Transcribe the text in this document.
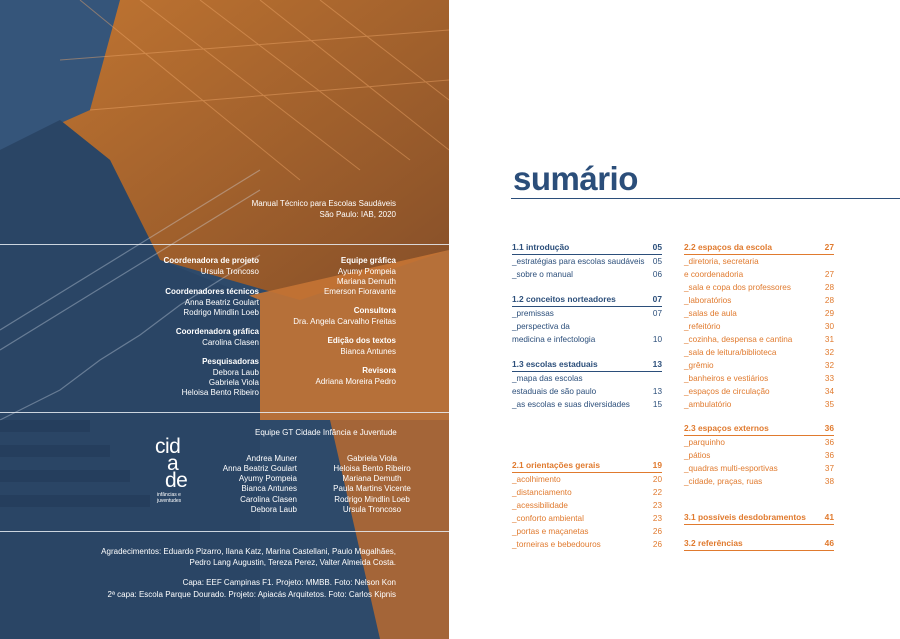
Manual Técnico para Escolas Saudáveis
São Paulo: IAB, 2020
Coordenadora de projeto
Ursula Troncoso
Coordenadores técnicos
Anna Beatriz Goulart
Rodrigo Mindlin Loeb
Coordenadora gráfica
Carolina Clasen
Pesquisadoras
Debora Laub
Gabriela Viola
Heloisa Bento Ribeiro
Equipe gráfica
Ayumy Pompeia
Mariana Demuth
Emerson Fioravante
Consultora
Dra. Angela Carvalho Freitas
Edição dos textos
Bianca Antunes
Revisora
Adriana Moreira Pedro
Equipe GT Cidade Infância e Juventude
cid
a
de
infâncias e
juventudes
Andrea Muner
Anna Beatriz Goulart
Ayumy Pompeia
Bianca Antunes
Carolina Clasen
Debora Laub
Gabriela Viola
Heloisa Bento Ribeiro
Mariana Demuth
Paula Martins Vicente
Rodrigo Mindlin Loeb
Ursula Troncoso
Agradecimentos: Eduardo Pizarro, Ilana Katz, Marina Castellani, Paulo Magalhães,
Pedro Lang Augustin, Tereza Perez, Valter Almeida Costa.
Capa: EEF Campinas F1. Projeto: MMBB. Foto: Nelson Kon
2ª capa: Escola Parque Dourado. Projeto: Apiacás Arquitetos. Foto: Carlos Kipnis
sumário
1.1 introdução	05
_estratégias para escolas saudáveis 05
_sobre o manual	06
1.2 conceitos norteadores	07
_premissas	07
_perspectiva da
medicina e infectologia	10
1.3 escolas estaduais	13
_mapa das escolas
estaduais de são paulo	13
_as escolas e suas diversidades	15
2.1 orientações gerais	19
_acolhimento	20
_distanciamento	22
_acessibilidade	23
_conforto ambiental	23
_portas e maçanetas	26
_torneiras e bebedouros	26
2.2 espaços da escola	27
_diretoria, secretaria
e coordenadoria	27
_sala e copa dos professores	28
_laboratórios	28
_salas de aula	29
_refeitório	30
_cozinha, despensa e cantina	31
_sala de leitura/biblioteca	32
_grêmio	32
_banheiros e vestiários	33
_espaços de circulação	34
_ambulatório	35
2.3 espaços externos	36
_parquinho	36
_pátios	36
_quadras multi-esportivas	37
_cidade, praças, ruas	38
3.1 possíveis desdobramentos 41
3.2 referências	46
